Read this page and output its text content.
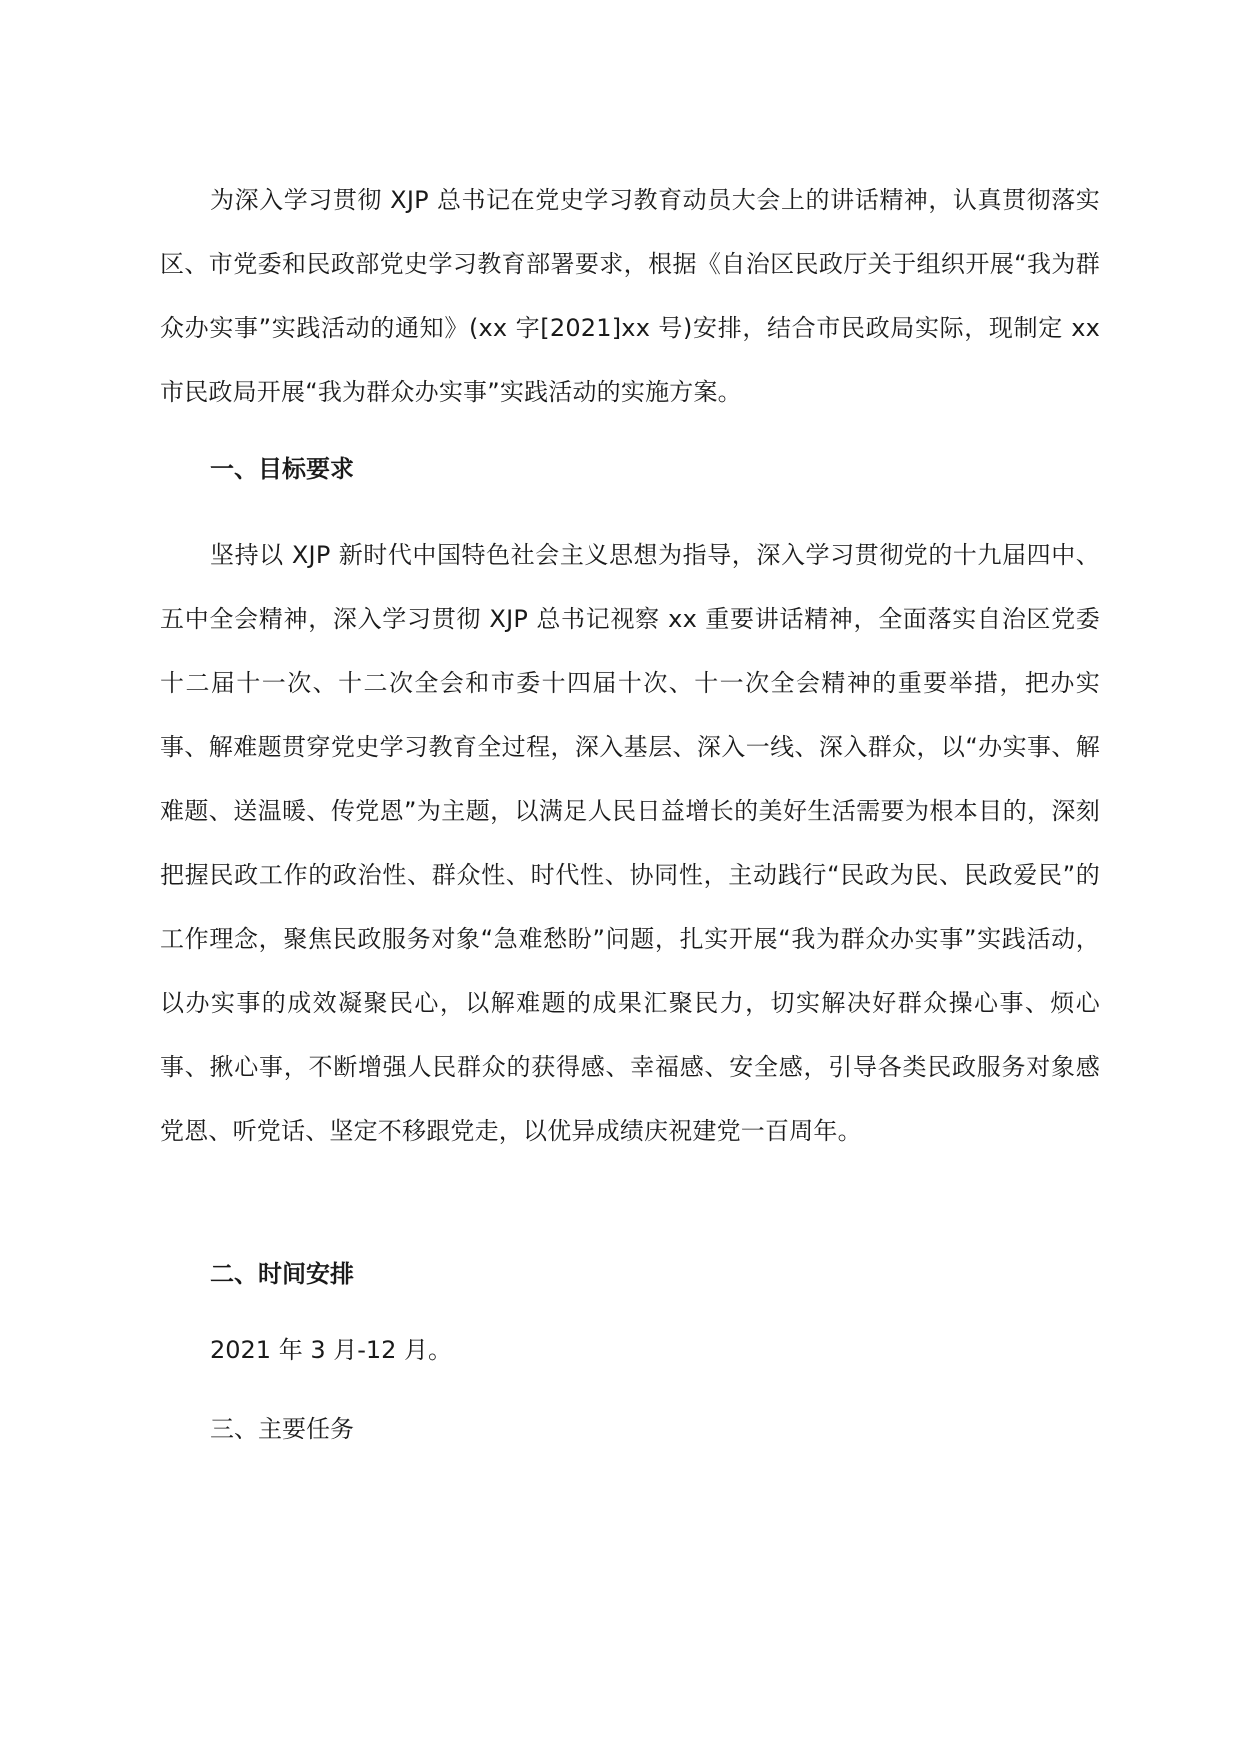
为深入学习贯彻 XJP 总书记在党史学习教育动员大会上的讲话精神，认真贯彻落实区、市党委和民政部党史学习教育部署要求，根据《自治区民政厅关于组织开展“我为群众办实事”实践活动的通知》(xx 字[2021]xx 号)安排，结合市民政局实际，现制定 xx 市民政局开展“我为群众办实事”实践活动的实施方案。

一、目标要求

坚持以 XJP 新时代中国特色社会主义思想为指导，深入学习贯彻党的十九届四中、五中全会精神，深入学习贯彻 XJP 总书记视察 xx 重要讲话精神，全面落实自治区党委十二届十一次、十二次全会和市委十四届十次、十一次全会精神的重要举措，把办实事、解难题贯穿党史学习教育全过程，深入基层、深入一线、深入群众，以“办实事、解难题、送温暖、传党恩”为主题，以满足人民日益增长的美好生活需要为根本目的，深刻把握民政工作的政治性、群众性、时代性、协同性，主动践行“民政为民、民政爱民”的工作理念，聚焦民政服务对象“急难愁盼”问题，扎实开展“我为群众办实事”实践活动，以办实事的成效凝聚民心，以解难题的成果汇聚民力，切实解决好群众操心事、烦心事、揪心事，不断增强人民群众的获得感、幸福感、安全感，引导各类民政服务对象感党恩、听党话、坚定不移跟党走，以优异成绩庆祝建党一百周年。

二、时间安排

2021 年 3 月-12 月。

三、主要任务
